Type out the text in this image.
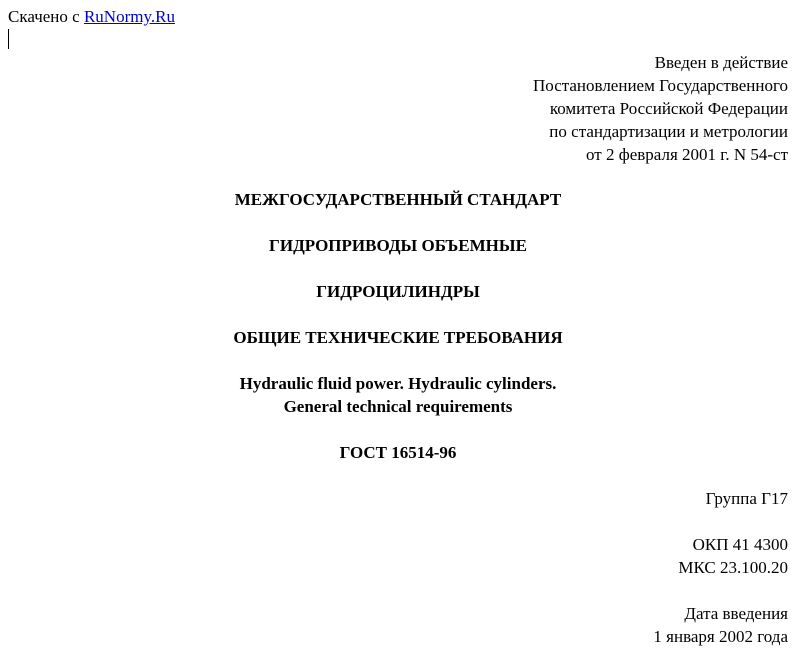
Скачено с RuNormy.Ru
Введен в действие
Постановлением Государственного
комитета Российской Федерации
по стандартизации и метрологии
от 2 февраля 2001 г. N 54-ст
МЕЖГОСУДАРСТВЕННЫЙ СТАНДАРТ
ГИДРОПРИВОДЫ ОБЪЕМНЫЕ
ГИДРОЦИЛИНДРЫ
ОБЩИЕ ТЕХНИЧЕСКИЕ ТРЕБОВАНИЯ
Hydraulic fluid power. Hydraulic cylinders.
General technical requirements
ГОСТ 16514-96
Группа Г17
ОКП 41 4300
МКС 23.100.20
Дата введения
1 января 2002 года
